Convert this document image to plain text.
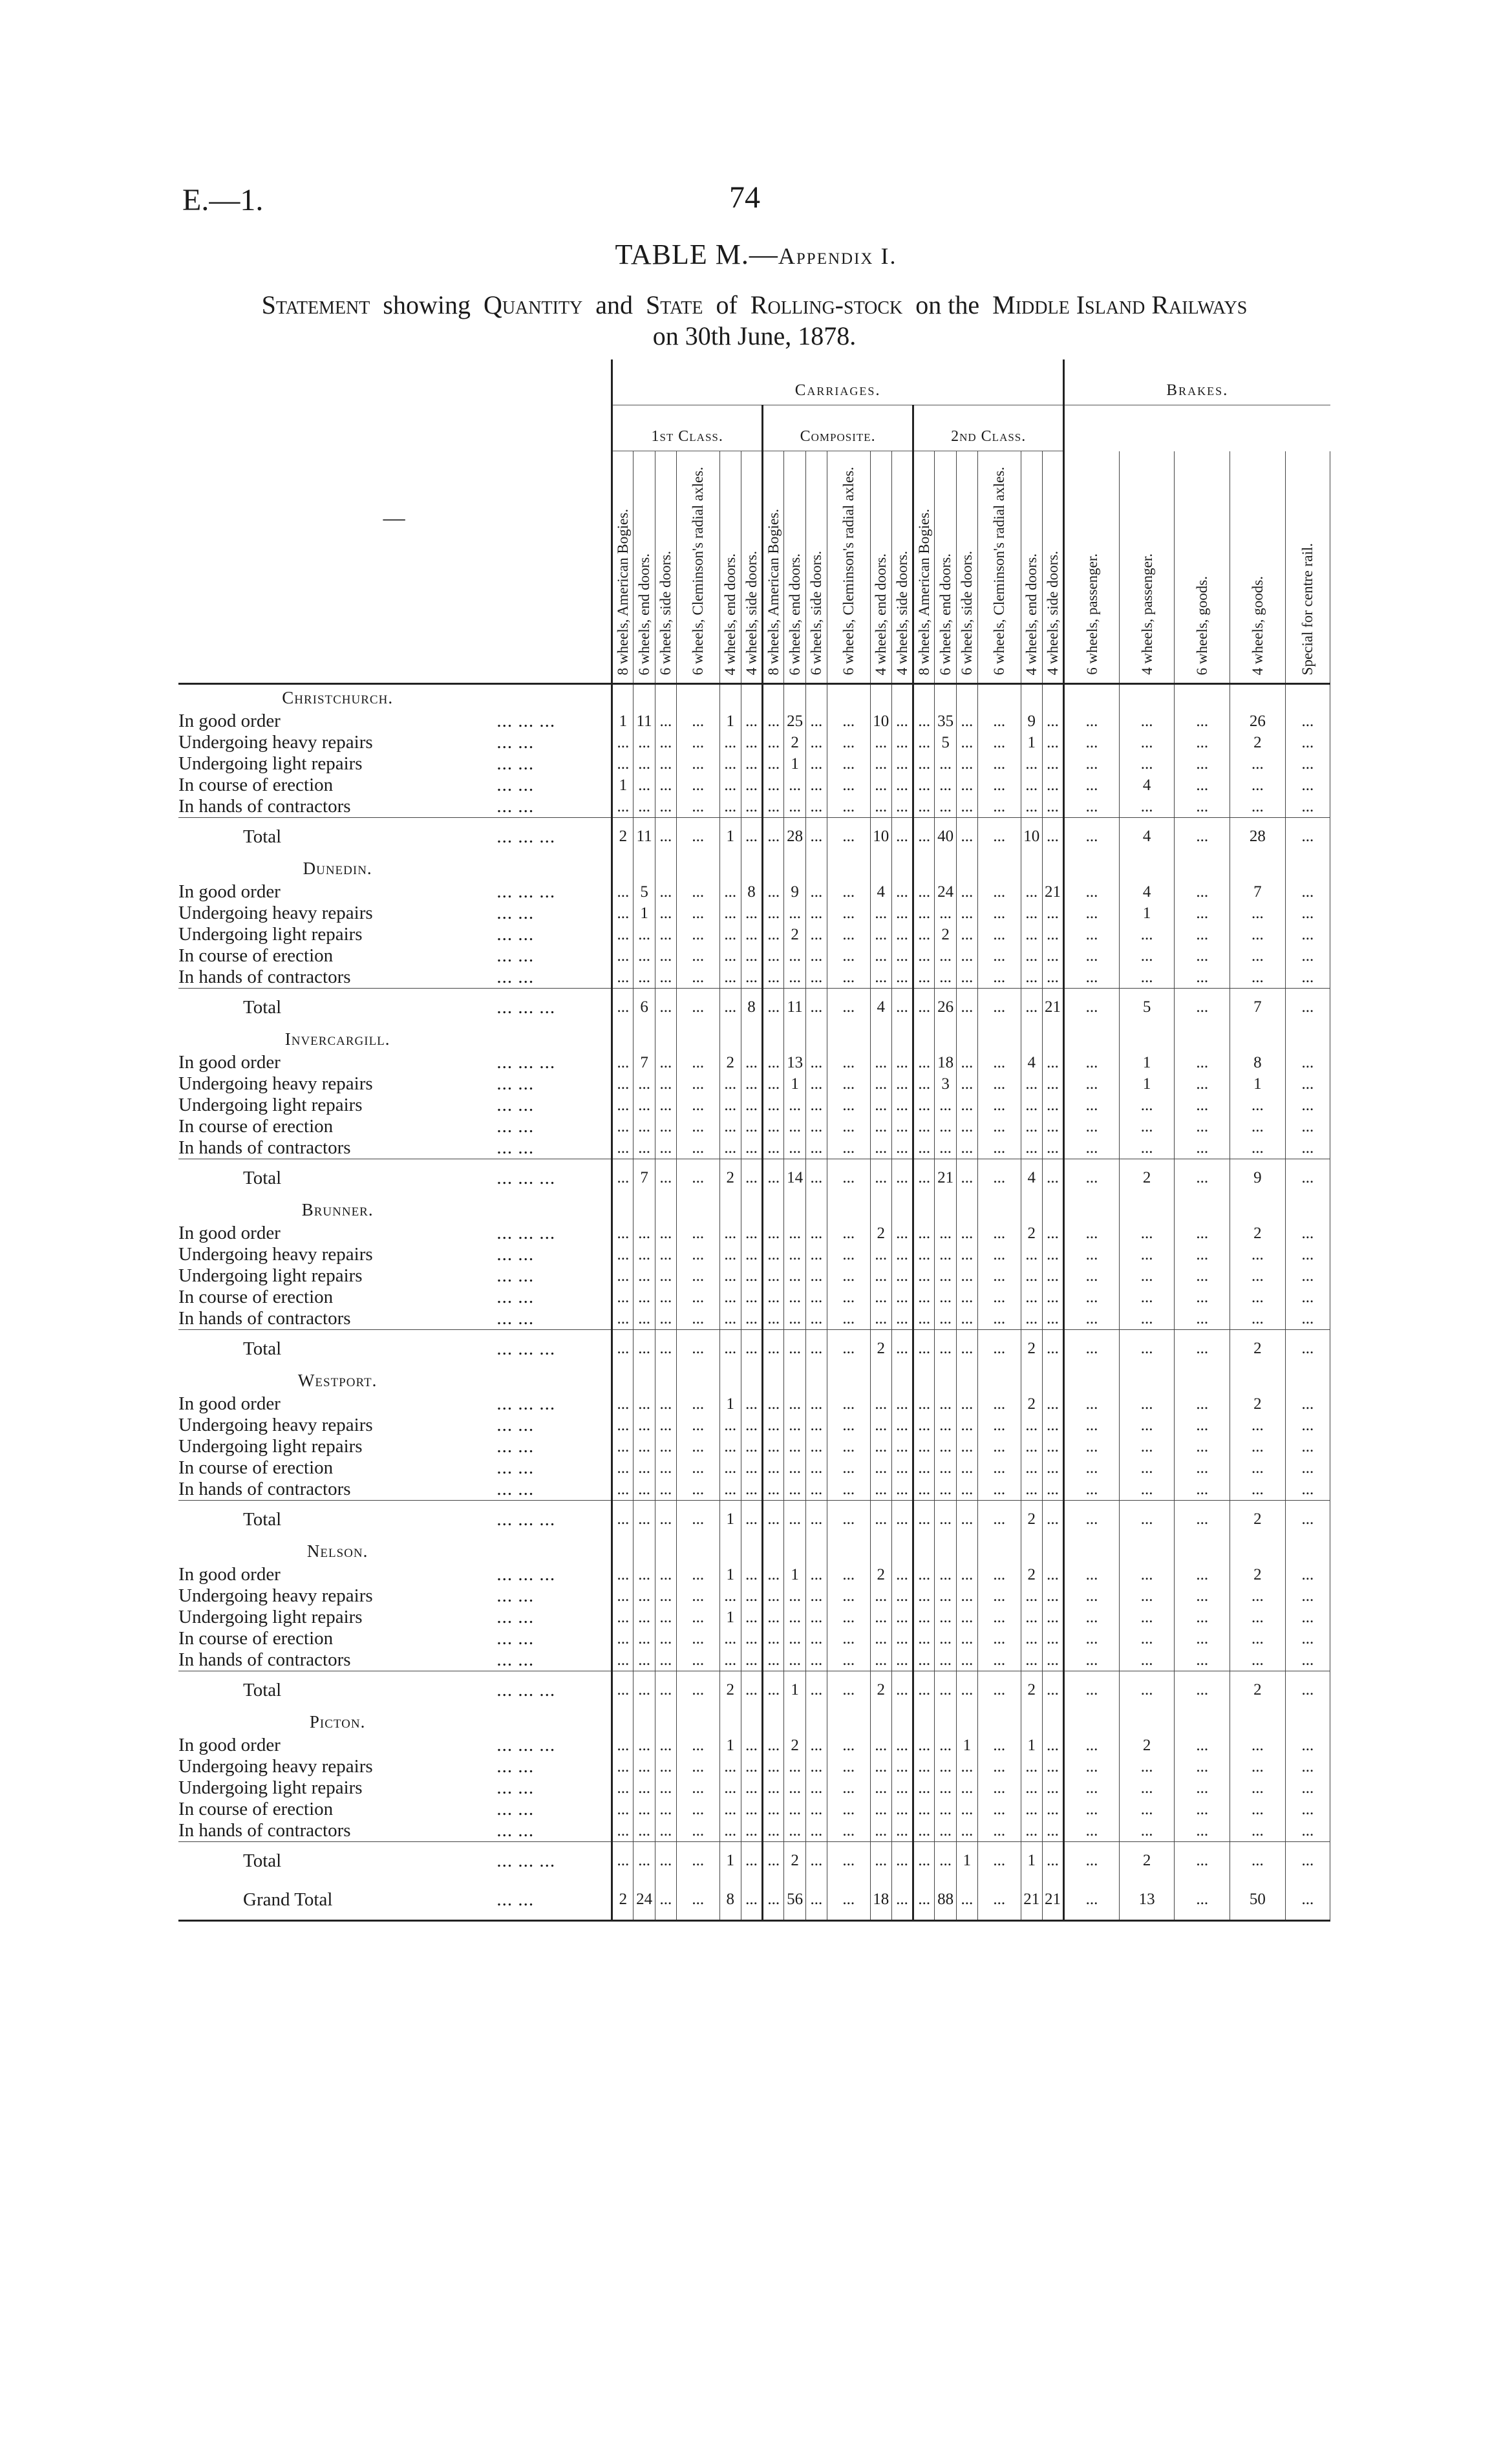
E.—1.	74
TABLE M.—Appendix I.
Statement showing Quantity and State of Rolling-stock on the Middle Island Railways
on 30th June, 1878.
—		Carriages.																		Brakes.				
		1st Class.						Composite.						2nd Class.										
		8 wheels, American Bogies.	6 wheels, end doors.	6 wheels, side doors.	6 wheels, Cleminson's radial axles.	4 wheels, end doors.	4 wheels, side doors.	8 wheels, American Bogies.	6 wheels, end doors.	6 wheels, side doors.	6 wheels, Cleminson's radial axles.	4 wheels, end doors.	4 wheels, side doors.	8 wheels, American Bogies.	6 wheels, end doors.	6 wheels, side doors.	6 wheels, Cleminson's radial axles.	4 wheels, end doors.	4 wheels, side doors.	6 wheels, passenger.	4 wheels, passenger.	6 wheels, goods.	4 wheels, goods.	Special for centre rail.

Christchurch.																								
In good order	... ... ...	1	11	...	...	1	...	...	25	...	...	10	...	...	35	...	...	9	...	...	...	...	26	...
Undergoing heavy repairs	... ...	...	...	...	...	...	...	...	2	...	...	...	...	...	5	...	...	1	...	...	...	...	2	...
Undergoing light repairs	... ...	...	...	...	...	...	...	...	1	...	...	...	...	...	...	...	...	...	...	...	...	...	...	...
In course of erection	... ...	1	...	...	...	...	...	...	...	...	...	...	...	...	...	...	...	...	...	...	4	...	...	...
In hands of contractors	... ...	...	...	...	...	...	...	...	...	...	...	...	...	...	...	...	...	...	...	...	...	...	...	...

Total	... ... ...	2	11	...	...	1	...	...	28	...	...	10	...	...	40	...	...	10	...	...	4	...	28	...
Dunedin.																								
In good order	... ... ...	...	5	...	...	...	8	...	9	...	...	4	...	...	24	...	...	...	21	...	4	...	7	...
Undergoing heavy repairs	... ...	...	1	...	...	...	...	...	...	...	...	...	...	...	...	...	...	...	...	...	1	...	...	...
Undergoing light repairs	... ...	...	...	...	...	...	...	...	2	...	...	...	...	...	2	...	...	...	...	...	...	...	...	...
In course of erection	... ...	...	...	...	...	...	...	...	...	...	...	...	...	...	...	...	...	...	...	...	...	...	...	...
In hands of contractors	... ...	...	...	...	...	...	...	...	...	...	...	...	...	...	...	...	...	...	...	...	...	...	...	...

Total	... ... ...	...	6	...	...	...	8	...	11	...	...	4	...	...	26	...	...	...	21	...	5	...	7	...
Invercargill.																								
In good order	... ... ...	...	7	...	...	2	...	...	13	...	...	...	...	...	18	...	...	4	...	...	1	...	8	...
Undergoing heavy repairs	... ...	...	...	...	...	...	...	...	1	...	...	...	...	...	3	...	...	...	...	...	1	...	1	...
Undergoing light repairs	... ...	...	...	...	...	...	...	...	...	...	...	...	...	...	...	...	...	...	...	...	...	...	...	...
In course of erection	... ...	...	...	...	...	...	...	...	...	...	...	...	...	...	...	...	...	...	...	...	...	...	...	...
In hands of contractors	... ...	...	...	...	...	...	...	...	...	...	...	...	...	...	...	...	...	...	...	...	...	...	...	...

Total	... ... ...	...	7	...	...	2	...	...	14	...	...	...	...	...	21	...	...	4	...	...	2	...	9	...
Brunner.																								
In good order	... ... ...	...	...	...	...	...	...	...	...	...	...	2	...	...	...	...	...	2	...	...	...	...	2	...
Undergoing heavy repairs	... ...	...	...	...	...	...	...	...	...	...	...	...	...	...	...	...	...	...	...	...	...	...	...	...
Undergoing light repairs	... ...	...	...	...	...	...	...	...	...	...	...	...	...	...	...	...	...	...	...	...	...	...	...	...
In course of erection	... ...	...	...	...	...	...	...	...	...	...	...	...	...	...	...	...	...	...	...	...	...	...	...	...
In hands of contractors	... ...	...	...	...	...	...	...	...	...	...	...	...	...	...	...	...	...	...	...	...	...	...	...	...

Total	... ... ...	...	...	...	...	...	...	...	...	...	...	2	...	...	...	...	...	2	...	...	...	...	2	...
Westport.																								
In good order	... ... ...	...	...	...	...	1	...	...	...	...	...	...	...	...	...	...	...	2	...	...	...	...	2	...
Undergoing heavy repairs	... ...	...	...	...	...	...	...	...	...	...	...	...	...	...	...	...	...	...	...	...	...	...	...	...
Undergoing light repairs	... ...	...	...	...	...	...	...	...	...	...	...	...	...	...	...	...	...	...	...	...	...	...	...	...
In course of erection	... ...	...	...	...	...	...	...	...	...	...	...	...	...	...	...	...	...	...	...	...	...	...	...	...
In hands of contractors	... ...	...	...	...	...	...	...	...	...	...	...	...	...	...	...	...	...	...	...	...	...	...	...	...

Total	... ... ...	...	...	...	...	1	...	...	...	...	...	...	...	...	...	...	...	2	...	...	...	...	2	...
Nelson.																								
In good order	... ... ...	...	...	...	...	1	...	...	1	...	...	2	...	...	...	...	...	2	...	...	...	...	2	...
Undergoing heavy repairs	... ...	...	...	...	...	...	...	...	...	...	...	...	...	...	...	...	...	...	...	...	...	...	...	...
Undergoing light repairs	... ...	...	...	...	...	1	...	...	...	...	...	...	...	...	...	...	...	...	...	...	...	...	...	...
In course of erection	... ...	...	...	...	...	...	...	...	...	...	...	...	...	...	...	...	...	...	...	...	...	...	...	...
In hands of contractors	... ...	...	...	...	...	...	...	...	...	...	...	...	...	...	...	...	...	...	...	...	...	...	...	...

Total	... ... ...	...	...	...	...	2	...	...	1	...	...	2	...	...	...	...	...	2	...	...	...	...	2	...
Picton.																								
In good order	... ... ...	...	...	...	...	1	...	...	2	...	...	...	...	...	...	1	...	1	...	...	2	...	...	...
Undergoing heavy repairs	... ...	...	...	...	...	...	...	...	...	...	...	...	...	...	...	...	...	...	...	...	...	...	...	...
Undergoing light repairs	... ...	...	...	...	...	...	...	...	...	...	...	...	...	...	...	...	...	...	...	...	...	...	...	...
In course of erection	... ...	...	...	...	...	...	...	...	...	...	...	...	...	...	...	...	...	...	...	...	...	...	...	...
In hands of contractors	... ...	...	...	...	...	...	...	...	...	...	...	...	...	...	...	...	...	...	...	...	...	...	...	...

Total	... ... ...	...	...	...	...	1	...	...	2	...	...	...	...	...	...	1	...	1	...	...	2	...	...	...
Grand Total	... ...	2	24	...	...	8	...	...	56	...	...	18	...	...	88	...	...	21	21	...	13	...	50	...
